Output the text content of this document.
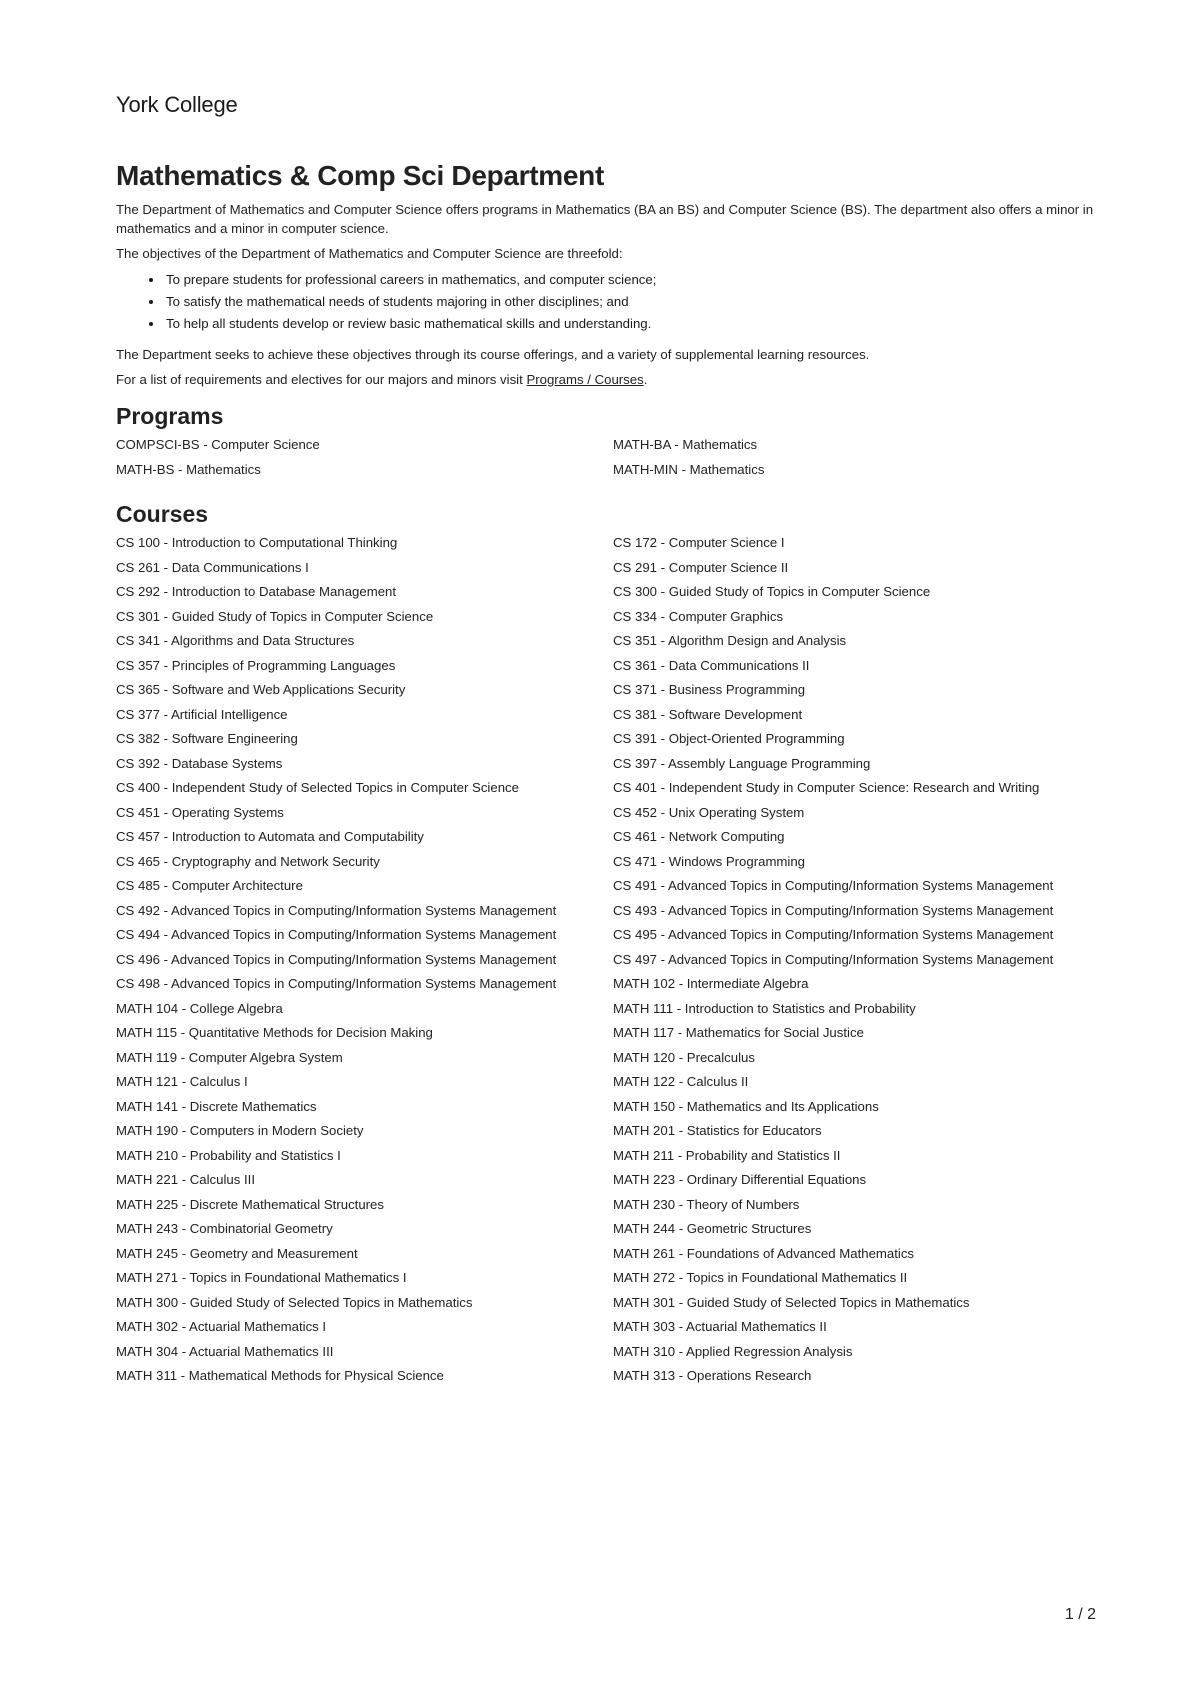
York College
Mathematics & Comp Sci Department

The Department of Mathematics and Computer Science offers programs in Mathematics (BA an BS) and Computer Science (BS). The department also offers a minor in mathematics and a minor in computer science.

The objectives of the Department of Mathematics and Computer Science are threefold:

• To prepare students for professional careers in mathematics, and computer science;
• To satisfy the mathematical needs of students majoring in other disciplines; and
• To help all students develop or review basic mathematical skills and understanding.

The Department seeks to achieve these objectives through its course offerings, and a variety of supplemental learning resources.

For a list of requirements and electives for our majors and minors visit Programs / Courses.

Programs
COMPSCI-BS - Computer Science	MATH-BA - Mathematics
MATH-BS - Mathematics	MATH-MIN - Mathematics
Courses
CS 100 - Introduction to Computational Thinking	CS 172 - Computer Science I
CS 261 - Data Communications I	CS 291 - Computer Science II
CS 292 - Introduction to Database Management	CS 300 - Guided Study of Topics in Computer Science
CS 301 - Guided Study of Topics in Computer Science	CS 334 - Computer Graphics
CS 341 - Algorithms and Data Structures	CS 351 - Algorithm Design and Analysis
CS 357 - Principles of Programming Languages	CS 361 - Data Communications II
CS 365 - Software and Web Applications Security	CS 371 - Business Programming
CS 377 - Artificial Intelligence	CS 381 - Software Development
CS 382 - Software Engineering	CS 391 - Object-Oriented Programming
CS 392 - Database Systems	CS 397 - Assembly Language Programming
CS 400 - Independent Study of Selected Topics in Computer Science	CS 401 - Independent Study in Computer Science: Research and Writing
CS 451 - Operating Systems	CS 452 - Unix Operating System
CS 457 - Introduction to Automata and Computability	CS 461 - Network Computing
CS 465 - Cryptography and Network Security	CS 471 - Windows Programming
CS 485 - Computer Architecture	CS 491 - Advanced Topics in Computing/Information Systems Management
CS 492 - Advanced Topics in Computing/Information Systems Management	CS 493 - Advanced Topics in Computing/Information Systems Management
CS 494 - Advanced Topics in Computing/Information Systems Management	CS 495 - Advanced Topics in Computing/Information Systems Management
CS 496 - Advanced Topics in Computing/Information Systems Management	CS 497 - Advanced Topics in Computing/Information Systems Management
CS 498 - Advanced Topics in Computing/Information Systems Management	MATH 102 - Intermediate Algebra
MATH 104 - College Algebra	MATH 111 - Introduction to Statistics and Probability
MATH 115 - Quantitative Methods for Decision Making	MATH 117 - Mathematics for Social Justice
MATH 119 - Computer Algebra System	MATH 120 - Precalculus
MATH 121 - Calculus I	MATH 122 - Calculus II
MATH 141 - Discrete Mathematics	MATH 150 - Mathematics and Its Applications
MATH 190 - Computers in Modern Society	MATH 201 - Statistics for Educators
MATH 210 - Probability and Statistics I	MATH 211 - Probability and Statistics II
MATH 221 - Calculus III	MATH 223 - Ordinary Differential Equations
MATH 225 - Discrete Mathematical Structures	MATH 230 - Theory of Numbers
MATH 243 - Combinatorial Geometry	MATH 244 - Geometric Structures
MATH 245 - Geometry and Measurement	MATH 261 - Foundations of Advanced Mathematics
MATH 271 - Topics in Foundational Mathematics I	MATH 272 - Topics in Foundational Mathematics II
MATH 300 - Guided Study of Selected Topics in Mathematics	MATH 301 - Guided Study of Selected Topics in Mathematics
MATH 302 - Actuarial Mathematics I	MATH 303 - Actuarial Mathematics II
MATH 304 - Actuarial Mathematics III	MATH 310 - Applied Regression Analysis
MATH 311 - Mathematical Methods for Physical Science	MATH 313 - Operations Research
1 / 2
